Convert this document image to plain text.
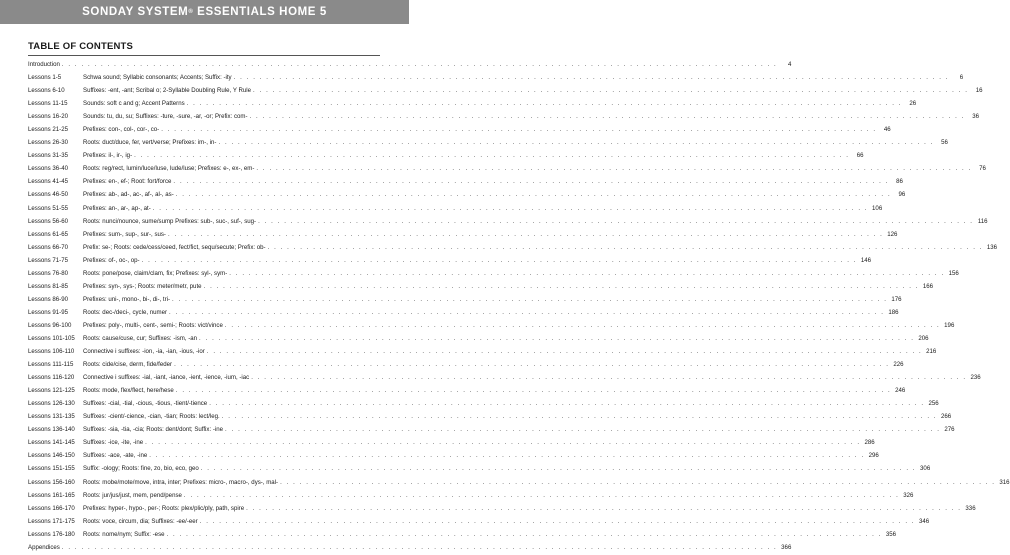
SONDAY SYSTEM ® ESSENTIALS HOME 5
TABLE OF CONTENTS
Introduction . . .	4
Lessons 1-5	Schwa sound; Syllabic consonants; Accents; Suffix: -ity . . .	6
Lessons 6-10	Suffixes: -ent, -ant; Scribal o; 2-Syllable Doubling Rule, Y Rule . . .	16
Lessons 11-15	Sounds: soft c and g; Accent Patterns . . .	26
Lessons 16-20	Sounds: tu, du, su; Suffixes: -ture, -sure, -ar, -or; Prefix: com- . . .	36
Lessons 21-25	Prefixes: con-, col-, cor-, co- . . .	46
Lessons 26-30	Roots: duct/duce, fer, vert/verse; Prefixes: im-, in- . . .	56
Lessons 31-35	Prefixes: il-, ir-, ig- . . .	66
Lessons 36-40	Roots: reg/rect, lumin/luce/luse, lude/luse; Prefixes: e-, ex-, em- . . .	76
Lessons 41-45	Prefixes: en-, ef-; Root: fort/force . . .	86
Lessons 46-50	Prefixes: ab-, ad-, ac-, af-, al-, as- . . .	96
Lessons 51-55	Prefixes: an-, ar-, ap-, at- . . .	106
Lessons 56-60	Roots: nunci/nounce, sume/sump Prefixes: sub-, suc-, suf-, sug- . . .	116
Lessons 61-65	Prefixes: sum-, sup-, sur-, sus- . . .	126
Lessons 66-70	Prefix: se-; Roots: cede/cess/ceed, fect/fict, sequ/secute; Prefix: ob- . . .	136
Lessons 71-75	Prefixes: of-, oc-, op- . . .	146
Lessons 76-80	Roots: pone/pose, claim/clam, fix; Prefixes: syl-, sym- . . .	156
Lessons 81-85	Prefixes: syn-, sys-; Roots: meter/metr, pute . . .	166
Lessons 86-90	Prefixes: uni-, mono-, bi-, di-, tri- . . .	176
Lessons 91-95	Roots: dec-/deci-, cycle, numer . . .	186
Lessons 96-100	Prefixes: poly-, multi-, cent-, semi-; Roots: vict/vince . . .	196
Lessons 101-105	Roots: cause/cuse, cur; Suffixes: -ism, -an . . .	206
Lessons 106-110	Connective i suffixes: -ion, -ia, -ian, -ious, -ior . . .	216
Lessons 111-115	Roots: cide/cise, derm, fide/feder . . .	226
Lessons 116-120	Connective i suffixes: -ial, -iant, -iance, -ient, -ience, -ium, -iac . . .	236
Lessons 121-125	Roots: mode, flex/flect, here/hese . . .	246
Lessons 126-130	Suffixes: -cial, -tial, -cious, -tious, -tient/-tience . . .	256
Lessons 131-135	Suffixes: -cient/-cience, -cian, -tian; Roots: lect/leg. . . .	266
Lessons 136-140	Suffixes: -sia, -tia, -cia; Roots: dent/dont; Suffix: -ine . . .	276
Lessons 141-145	Suffixes: -ice, -ite, -ine . . .	286
Lessons 146-150	Suffixes: -ace, -ate, -ine . . .	296
Lessons 151-155	Suffix: -ology; Roots: fine, zo, bio, eco, geo . . .	306
Lessons 156-160	Roots: mobe/mote/move, intra, inter; Prefixes: micro-, macro-, dys-, mal- . . .	316
Lessons 161-165	Roots: jur/jus/just, mem, pend/pense . . .	326
Lessons 166-170	Prefixes: hyper-, hypo-, per-; Roots: plex/plic/ply, path, spire . . .	336
Lessons 171-175	Roots: voce, circum, dia; Suffixes: -ee/-eer . . .	346
Lessons 176-180	Roots: nome/nym; Suffix: -ese . . .	356
Appendices . . .	366
